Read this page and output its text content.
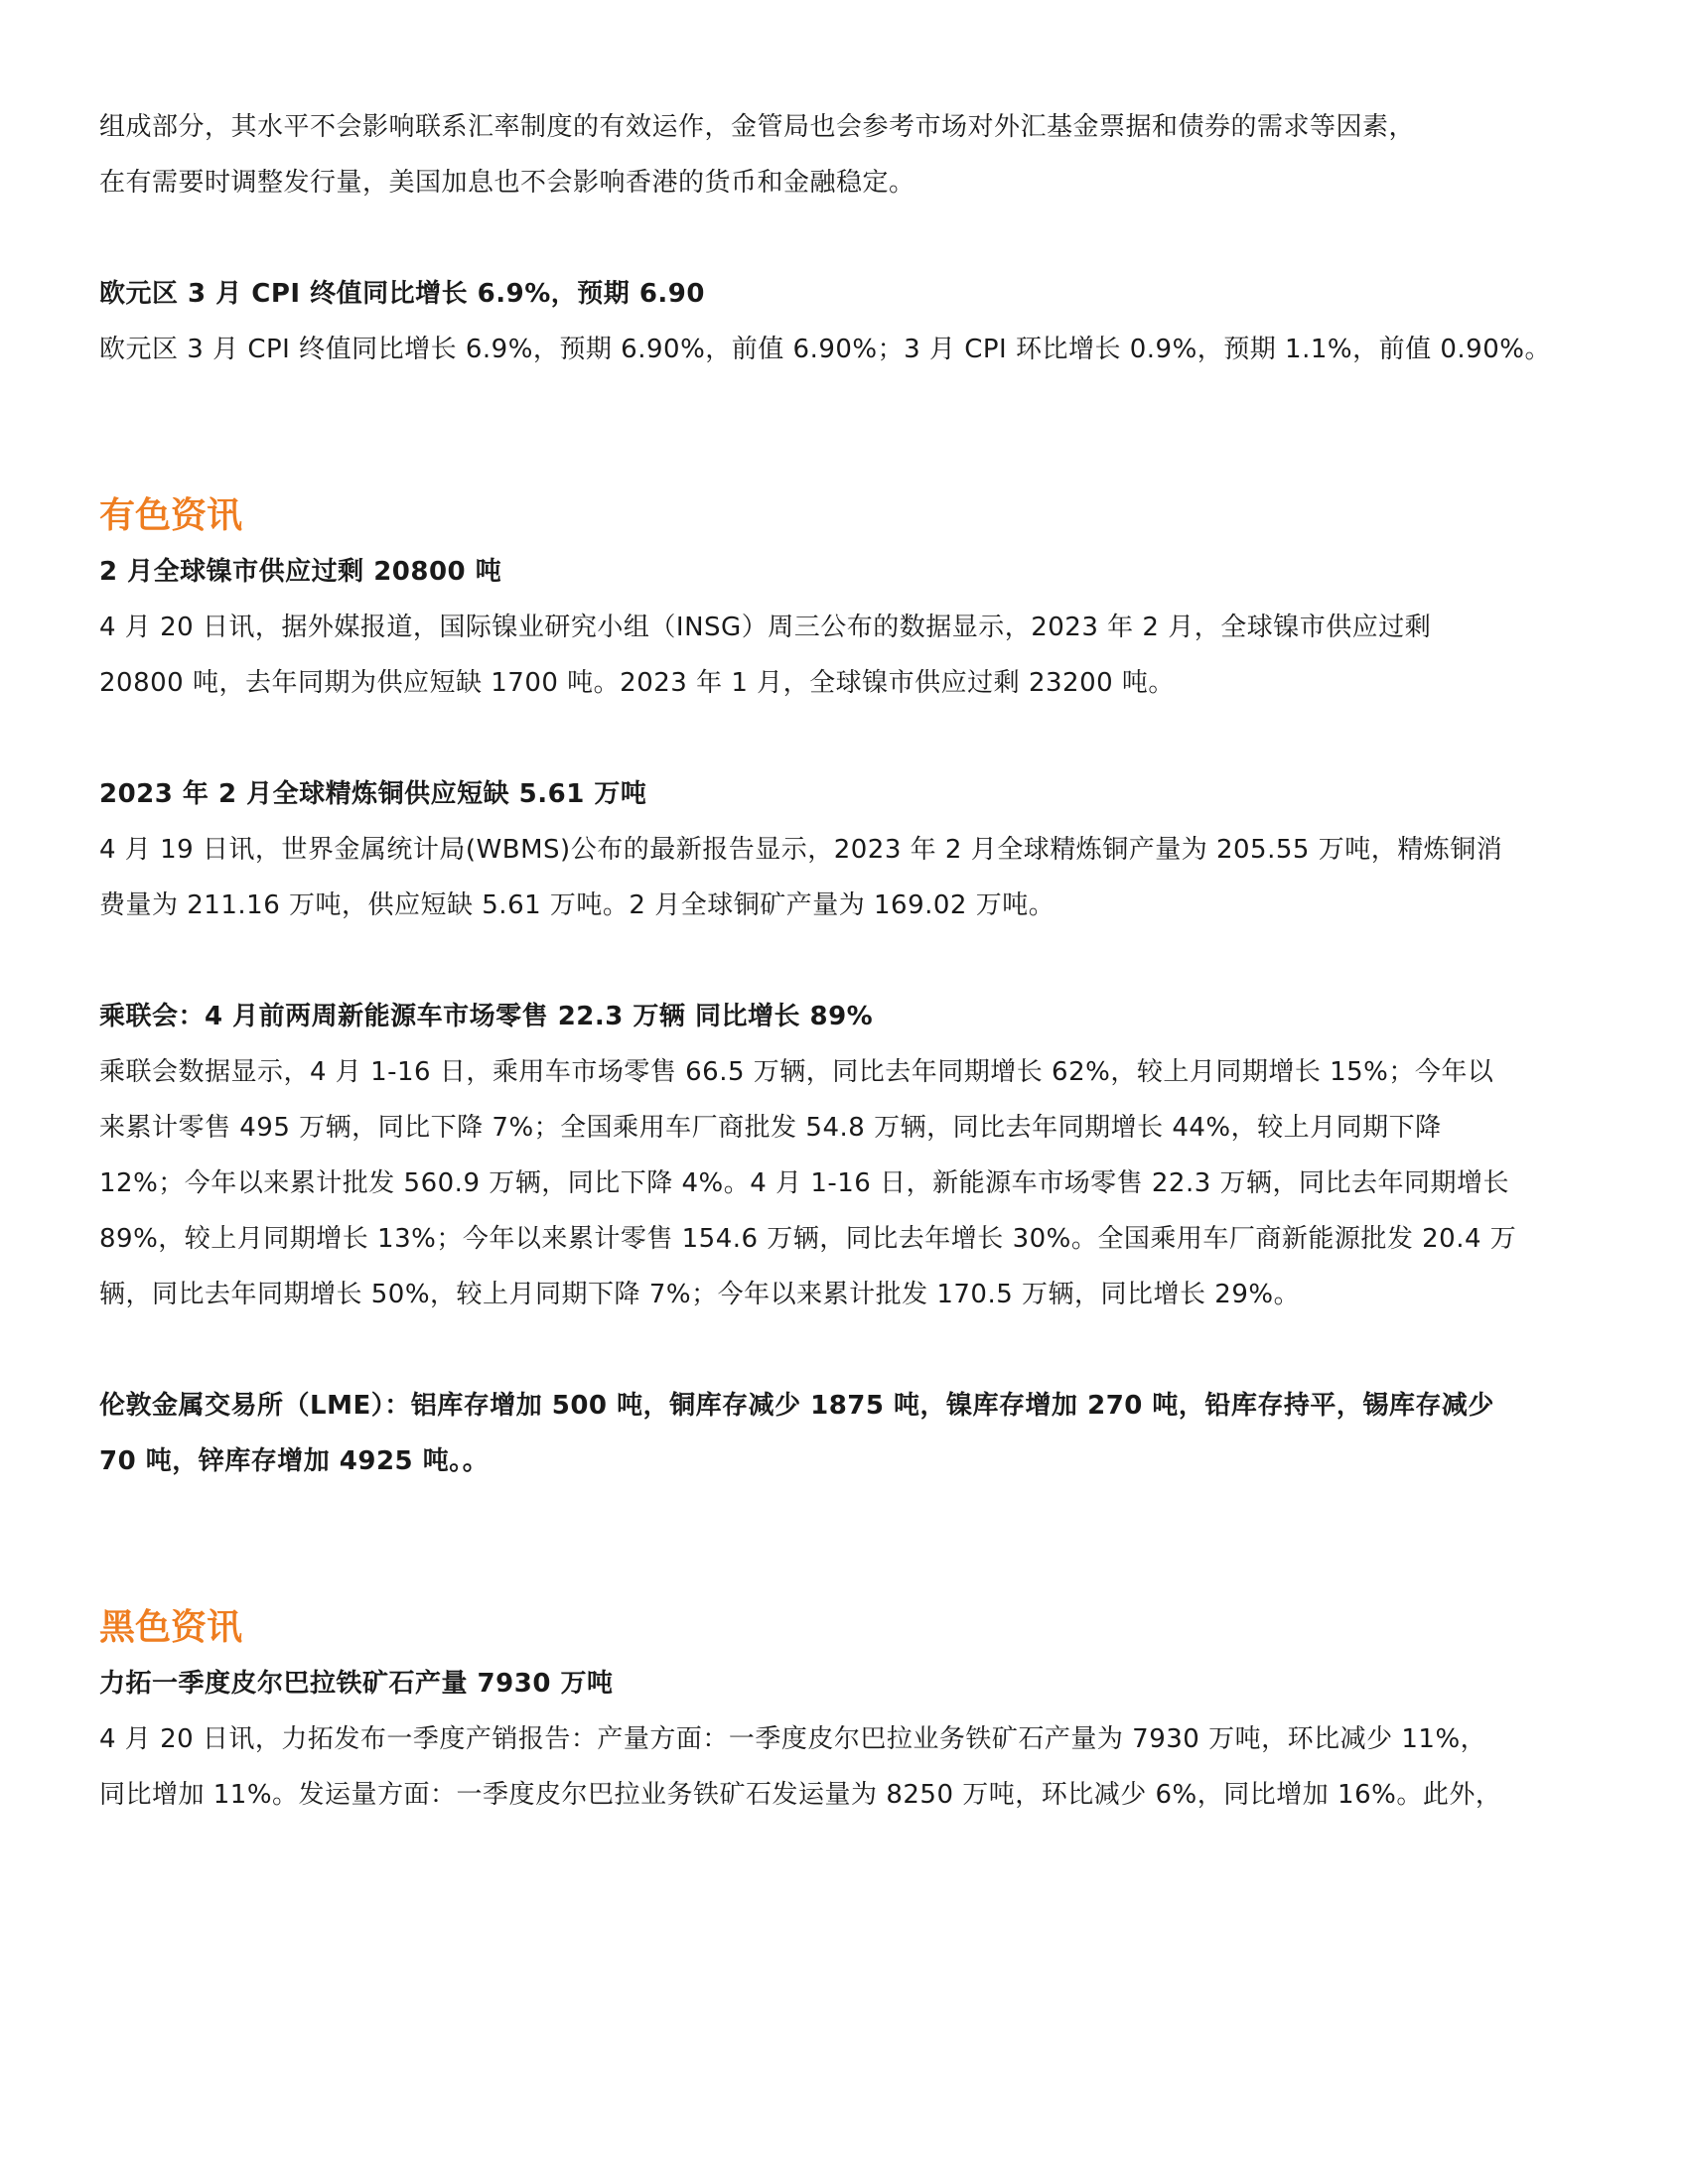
组成部分，其水平不会影响联系汇率制度的有效运作，金管局也会参考市场对外汇基金票据和债券的需求等因素，

在有需要时调整发行量，美国加息也不会影响香港的货币和金融稳定。

欧元区 3 月 CPI 终值同比增长 6.9%，预期 6.90

欧元区 3 月 CPI 终值同比增长 6.9%，预期 6.90%，前值 6.90%；3 月 CPI 环比增长 0.9%，预期 1.1%，前值 0.90%。

有色资讯

2 月全球镍市供应过剩 20800 吨

4 月 20 日讯，据外媒报道，国际镍业研究小组（INSG）周三公布的数据显示，2023 年 2 月，全球镍市供应过剩

20800 吨，去年同期为供应短缺 1700 吨。2023 年 1 月，全球镍市供应过剩 23200 吨。

2023 年 2 月全球精炼铜供应短缺 5.61 万吨

4 月 19 日讯，世界金属统计局(WBMS)公布的最新报告显示，2023 年 2 月全球精炼铜产量为 205.55 万吨，精炼铜消

费量为 211.16 万吨，供应短缺 5.61 万吨。2 月全球铜矿产量为 169.02 万吨。

乘联会：4 月前两周新能源车市场零售 22.3 万辆 同比增长 89%

乘联会数据显示，4 月 1-16 日，乘用车市场零售 66.5 万辆，同比去年同期增长 62%，较上月同期增长 15%；今年以

来累计零售 495 万辆，同比下降 7%；全国乘用车厂商批发 54.8 万辆，同比去年同期增长 44%，较上月同期下降

12%；今年以来累计批发 560.9 万辆，同比下降 4%。4 月 1-16 日，新能源车市场零售 22.3 万辆，同比去年同期增长

89%，较上月同期增长 13%；今年以来累计零售 154.6 万辆，同比去年增长 30%。全国乘用车厂商新能源批发 20.4 万

辆，同比去年同期增长 50%，较上月同期下降 7%；今年以来累计批发 170.5 万辆，同比增长 29%。

伦敦金属交易所（LME）：铝库存增加 500 吨，铜库存减少 1875 吨，镍库存增加 270 吨，铅库存持平，锡库存减少

70 吨，锌库存增加 4925 吨。。

黑色资讯

力拓一季度皮尔巴拉铁矿石产量 7930 万吨

4 月 20 日讯，力拓发布一季度产销报告：产量方面：一季度皮尔巴拉业务铁矿石产量为 7930 万吨，环比减少 11%，

同比增加 11%。发运量方面：一季度皮尔巴拉业务铁矿石发运量为 8250 万吨，环比减少 6%，同比增加 16%。此外，
